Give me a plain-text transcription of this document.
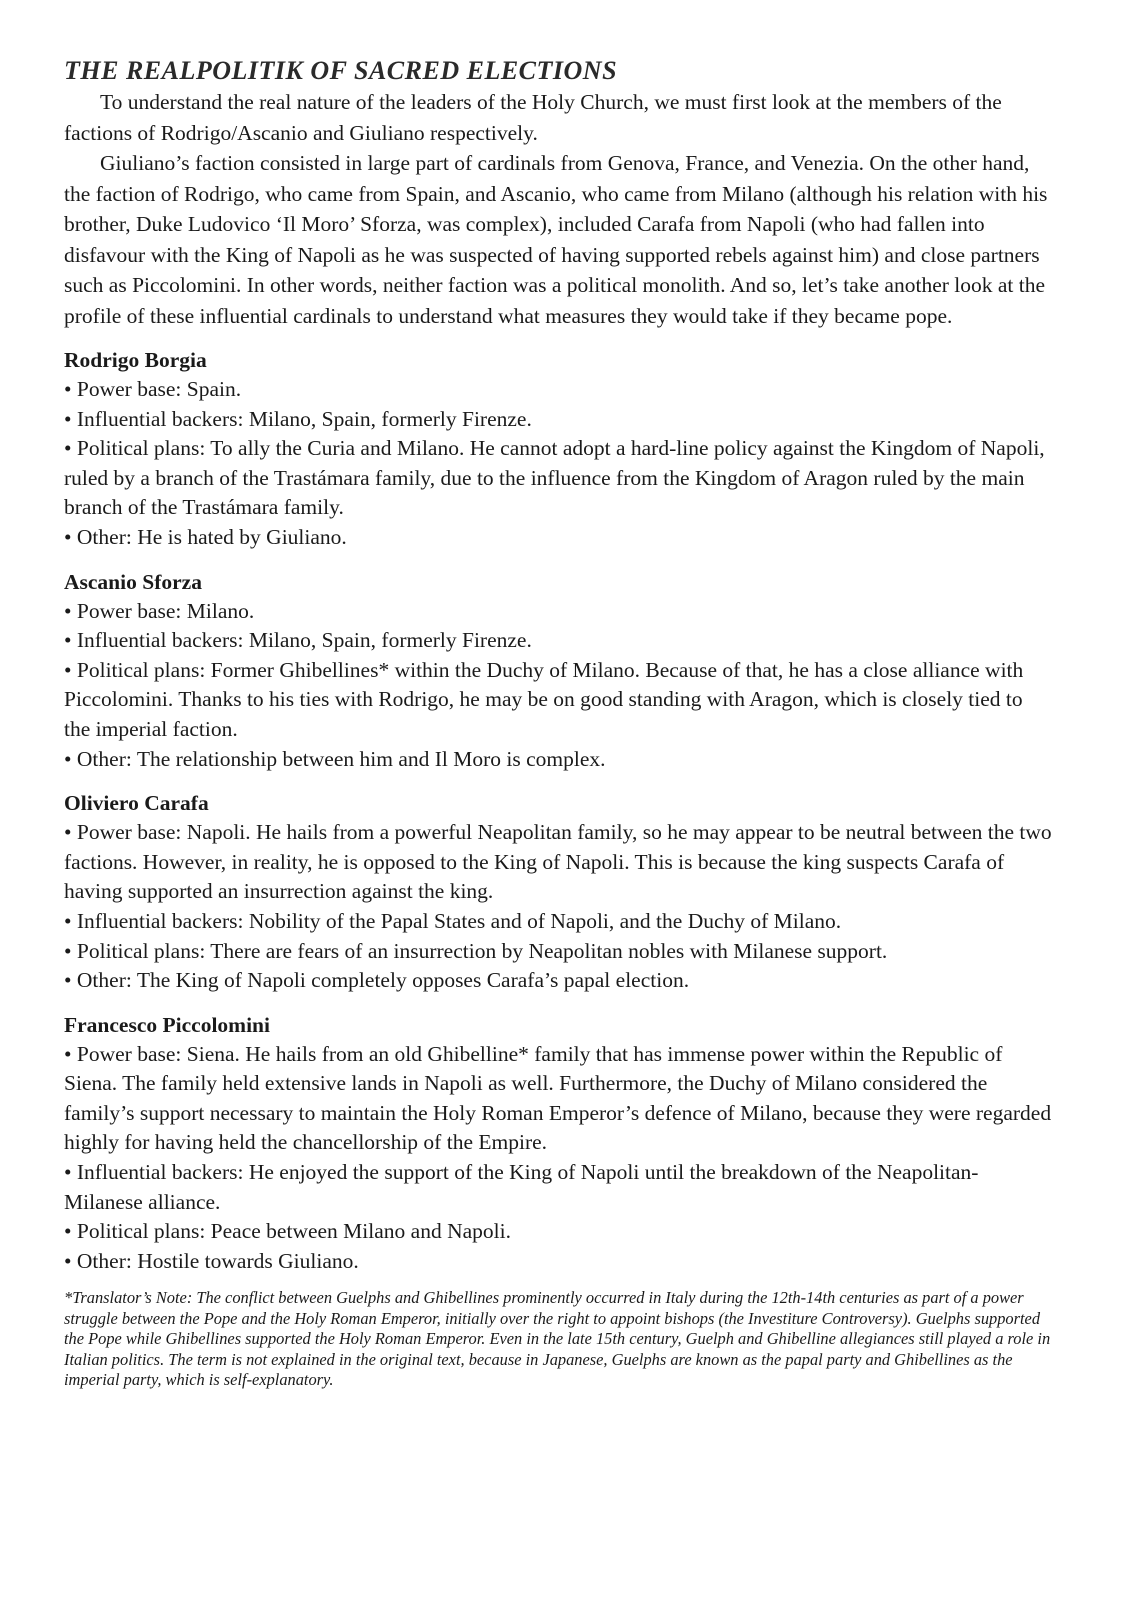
THE REALPOLITIK OF SACRED ELECTIONS

To understand the real nature of the leaders of the Holy Church, we must first look at the members of the factions of Rodrigo/Ascanio and Giuliano respectively.

Giuliano’s faction consisted in large part of cardinals from Genova, France, and Venezia. On the other hand, the faction of Rodrigo, who came from Spain, and Ascanio, who came from Milano (although his relation with his brother, Duke Ludovico ‘Il Moro’ Sforza, was complex), included Carafa from Napoli (who had fallen into disfavour with the King of Napoli as he was suspected of having supported rebels against him) and close partners such as Piccolomini. In other words, neither faction was a political monolith. And so, let’s take another look at the profile of these influential cardinals to understand what measures they would take if they became pope.

Rodrigo Borgia

• Power base: Spain.

• Influential backers: Milano, Spain, formerly Firenze.

• Political plans: To ally the Curia and Milano. He cannot adopt a hard-line policy against the Kingdom of Napoli, ruled by a branch of the Trastámara family, due to the influence from the Kingdom of Aragon ruled by the main branch of the Trastámara family.

• Other: He is hated by Giuliano.

Ascanio Sforza

• Power base: Milano.

• Influential backers: Milano, Spain, formerly Firenze.

• Political plans: Former Ghibellines* within the Duchy of Milano. Because of that, he has a close alliance with Piccolomini. Thanks to his ties with Rodrigo, he may be on good standing with Aragon, which is closely tied to the imperial faction.

• Other: The relationship between him and Il Moro is complex.

Oliviero Carafa

• Power base: Napoli. He hails from a powerful Neapolitan family, so he may appear to be neutral between the two factions. However, in reality, he is opposed to the King of Napoli. This is because the king suspects Carafa of having supported an insurrection against the king.

• Influential backers: Nobility of the Papal States and of Napoli, and the Duchy of Milano.

• Political plans: There are fears of an insurrection by Neapolitan nobles with Milanese support.

• Other: The King of Napoli completely opposes Carafa’s papal election.

Francesco Piccolomini

• Power base: Siena. He hails from an old Ghibelline* family that has immense power within the Republic of Siena. The family held extensive lands in Napoli as well. Furthermore, the Duchy of Milano considered the family’s support necessary to maintain the Holy Roman Emperor’s defence of Milano, because they were regarded highly for having held the chancellorship of the Empire.

• Influential backers: He enjoyed the support of the King of Napoli until the breakdown of the Neapolitan-Milanese alliance.

• Political plans: Peace between Milano and Napoli.

• Other: Hostile towards Giuliano.

*Translator’s Note: The conflict between Guelphs and Ghibellines prominently occurred in Italy during the 12th-14th centuries as part of a power struggle between the Pope and the Holy Roman Emperor, initially over the right to appoint bishops (the Investiture Controversy). Guelphs supported the Pope while Ghibellines supported the Holy Roman Emperor. Even in the late 15th century, Guelph and Ghibelline allegiances still played a role in Italian politics. The term is not explained in the original text, because in Japanese, Guelphs are known as the papal party and Ghibellines as the imperial party, which is self-explanatory.
